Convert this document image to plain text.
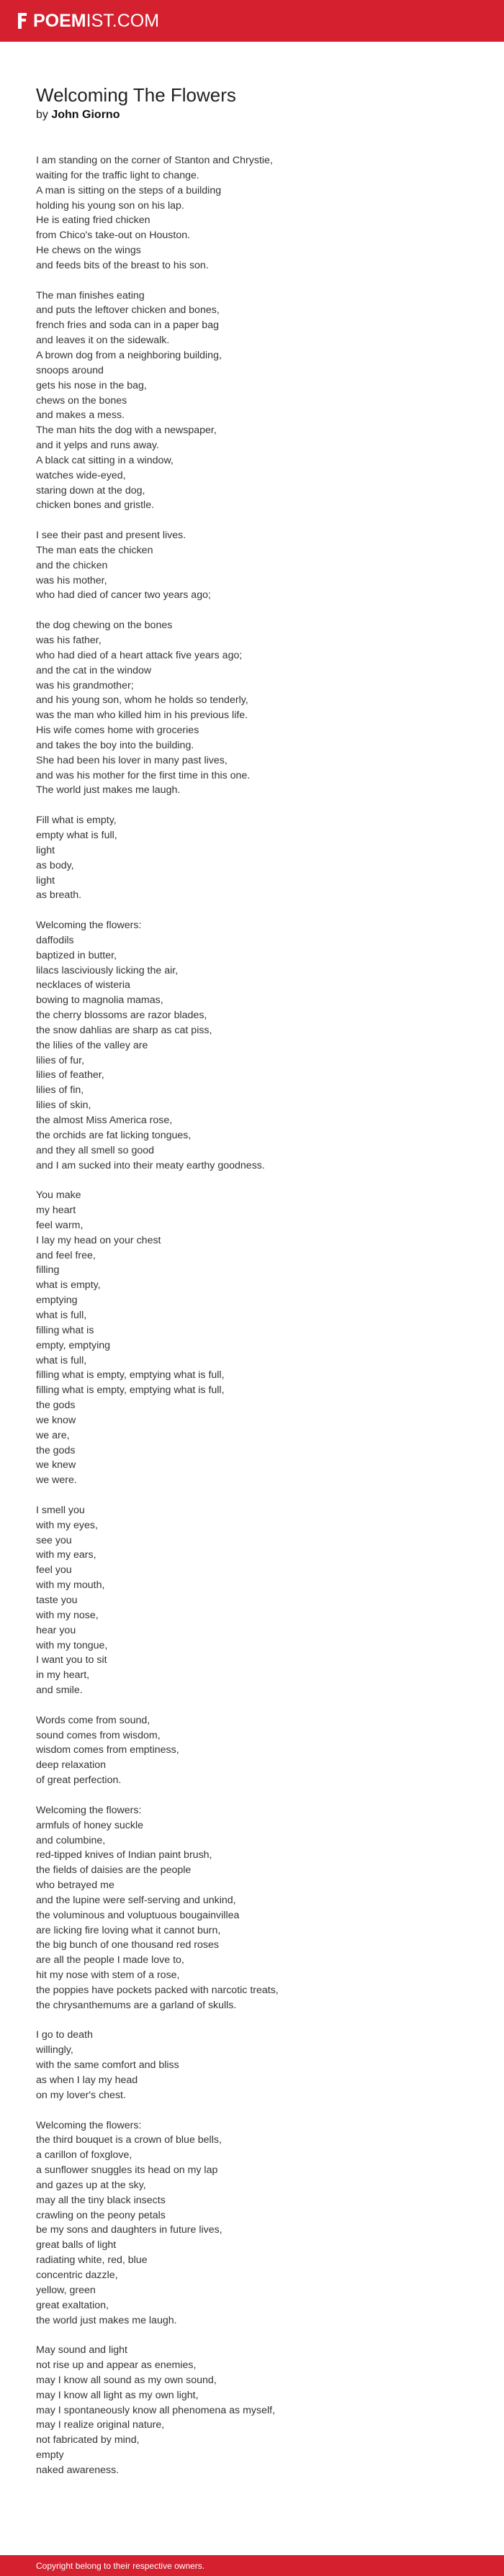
POEMIST.COM
Welcoming The Flowers
by John Giorno
I am standing on the corner of Stanton and Chrystie,
waiting for the traffic light to change.
A man is sitting on the steps of a building
holding his young son on his lap.
He is eating fried chicken
from Chico's take-out on Houston.
He chews on the wings
and feeds bits of the breast to his son.
The man finishes eating
and puts the leftover chicken and bones,
french fries and soda can in a paper bag
and leaves it on the sidewalk.
A brown dog from a neighboring building,
snoops around
gets his nose in the bag,
chews on the bones
and makes a mess.
The man hits the dog with a newspaper,
and it yelps and runs away.
A black cat sitting in a window,
watches wide-eyed,
staring down at the dog,
chicken bones and gristle.
I see their past and present lives.
The man eats the chicken
and the chicken
was his mother,
who had died of cancer two years ago;
the dog chewing on the bones
was his father,
who had died of a heart attack five years ago;
and the cat in the window
was his grandmother;
and his young son, whom he holds so tenderly,
was the man who killed him in his previous life.
His wife comes home with groceries
and takes the boy into the building.
She had been his lover in many past lives,
and was his mother for the first time in this one.
The world just makes me laugh.
Fill what is empty,
empty what is full,
light
as body,
light
as breath.
Welcoming the flowers:
daffodils
baptized in butter,
lilacs lasciviously licking the air,
necklaces of wisteria
bowing to magnolia mamas,
the cherry blossoms are razor blades,
the snow dahlias are sharp as cat piss,
the lilies of the valley are
lilies of fur,
lilies of feather,
lilies of fin,
lilies of skin,
the almost Miss America rose,
the orchids are fat licking tongues,
and they all smell so good
and I am sucked into their meaty earthy goodness.
You make
my heart
feel warm,
I lay my head on your chest
and feel free,
filling
what is empty,
emptying
what is full,
filling what is
empty, emptying
what is full,
filling what is empty, emptying what is full,
filling what is empty, emptying what is full,
the gods
we know
we are,
the gods
we knew
we were.
I smell you
with my eyes,
see you
with my ears,
feel you
with my mouth,
taste you
with my nose,
hear you
with my tongue,
I want you to sit
in my heart,
and smile.
Words come from sound,
sound comes from wisdom,
wisdom comes from emptiness,
deep relaxation
of great perfection.
Welcoming the flowers:
armfuls of honey suckle
and columbine,
red-tipped knives of Indian paint brush,
the fields of daisies are the people
who betrayed me
and the lupine were self-serving and unkind,
the voluminous and voluptuous bougainvillea
are licking fire loving what it cannot burn,
the big bunch of one thousand red roses
are all the people I made love to,
hit my nose with stem of a rose,
the poppies have pockets packed with narcotic treats,
the chrysanthemums are a garland of skulls.
I go to death
willingly,
with the same comfort and bliss
as when I lay my head
on my lover's chest.
Welcoming the flowers:
the third bouquet is a crown of blue bells,
a carillon of foxglove,
a sunflower snuggles its head on my lap
and gazes up at the sky,
may all the tiny black insects
crawling on the peony petals
be my sons and daughters in future lives,
great balls of light
radiating white, red, blue
concentric dazzle,
yellow, green
great exaltation,
the world just makes me laugh.
May sound and light
not rise up and appear as enemies,
may I know all sound as my own sound,
may I know all light as my own light,
may I spontaneously know all phenomena as myself,
may I realize original nature,
not fabricated by mind,
empty
naked awareness.
Copyright belong to their respective owners.
